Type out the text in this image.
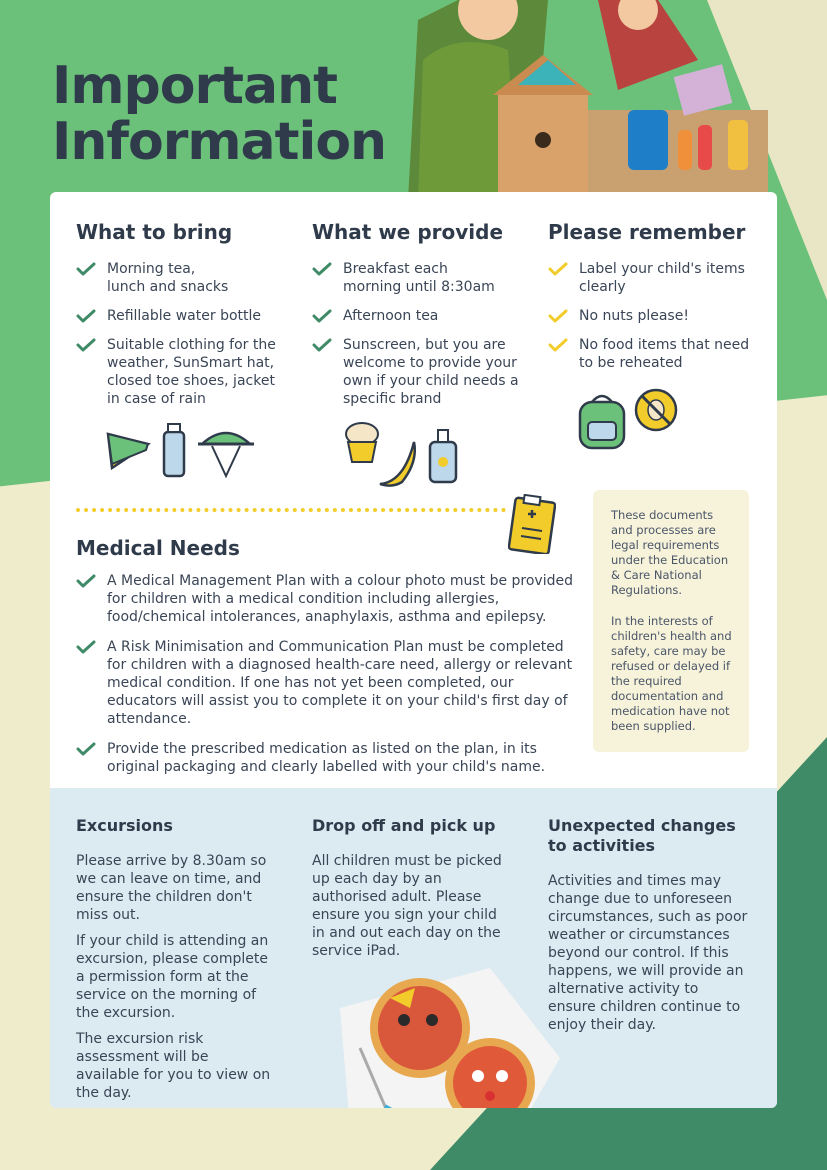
Important
Information
What to bring
Morning tea,
lunch and snacks
Refillable water bottle
Suitable clothing for the weather, SunSmart hat, closed toe shoes, jacket in case of rain
What we provide
Breakfast each
morning until 8:30am
Afternoon tea
Sunscreen, but you are welcome to provide your own if your child needs a specific brand
Please remember
Label your child's items clearly
No nuts please!
No food items that need to be reheated
Medical Needs
A Medical Management Plan with a colour photo must be provided for children with a medical condition including allergies, food/chemical intolerances, anaphylaxis, asthma and epilepsy.
A Risk Minimisation and Communication Plan must be completed for children with a diagnosed health-care need, allergy or relevant medical condition. If one has not yet been completed, our educators will assist you to complete it on your child's first day of attendance.
Provide the prescribed medication as listed on the plan, in its original packaging and clearly labelled with your child's name.

These documents and processes are legal requirements under the Education & Care National Regulations.

In the interests of children's health and safety, care may be refused or delayed if the required documentation and medication have not been supplied.

Excursions

Please arrive by 8.30am so we can leave on time, and ensure the children don't miss out.

If your child is attending an excursion, please complete a permission form at the service on the morning of the excursion.

The excursion risk assessment will be available for you to view on the day.

Drop off and pick up

All children must be picked up each day by an authorised adult. Please ensure you sign your child in and out each day on the service iPad.

Unexpected changes to activities

Activities and times may change due to unforeseen circumstances, such as poor weather or circumstances beyond our control. If this happens, we will provide an alternative activity to ensure children continue to enjoy their day.
